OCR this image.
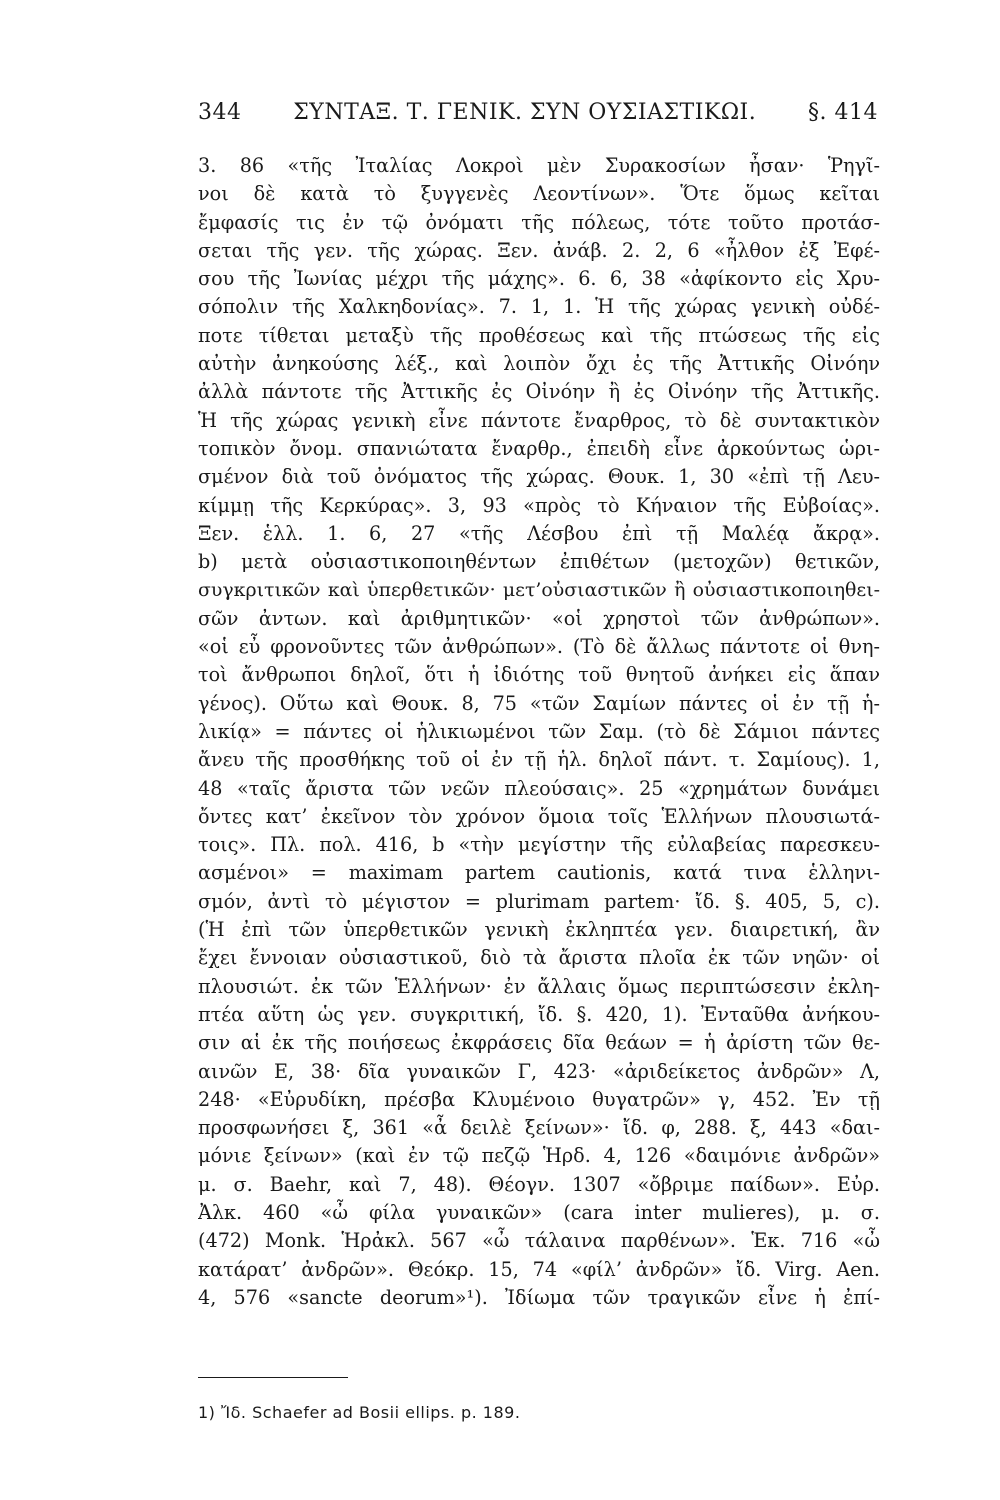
344 ΣΥΝΤΑΞ. Τ. ΓΕΝΙΚ. ΣΥΝ ΟΥΣΙΑΣΤΙΚΩΙ. §. 414
3. 86 «τῆς Ἰταλίας Λοκροὶ μὲν Συρακοσίων ἦσαν· Ῥηγῖ-
νοι δὲ κατὰ τὸ ξυγγενὲς Λεοντίνων». Ὅτε ὅμως κεῖται
ἔμφασίς τις ἐν τῷ ὀνόματι τῆς πόλεως, τότε τοῦτο προτάσ-
σεται τῆς γεν. τῆς χώρας. Ξεν. ἀνάβ. 2. 2, 6 «ἦλθον ἐξ Ἐφέ-
σου τῆς Ἰωνίας μέχρι τῆς μάχης». 6. 6, 38 «ἀφίκοντο εἰς Χρυ-
σόπολιν τῆς Χαλκηδονίας». 7. 1, 1. Ἡ τῆς χώρας γενικὴ οὐδέ-
ποτε τίθεται μεταξὺ τῆς προθέσεως καὶ τῆς πτώσεως τῆς εἰς
αὐτὴν ἀνηκούσης λέξ., καὶ λοιπὸν ὄχι ἐς τῆς Ἀττικῆς Οἰνόην
ἀλλὰ πάντοτε τῆς Ἀττικῆς ἐς Οἰνόην ἢ ἐς Οἰνόην τῆς Ἀττικῆς.
Ἡ τῆς χώρας γενικὴ εἶνε πάντοτε ἔναρθρος, τὸ δὲ συντακτικὸν
τοπικὸν ὄνομ. σπανιώτατα ἔναρθρ., ἐπειδὴ εἶνε ἀρκούντως ὡρι-
σμένον διὰ τοῦ ὀνόματος τῆς χώρας. Θουκ. 1, 30 «ἐπὶ τῇ Λευ-
κίμμῃ τῆς Κερκύρας». 3, 93 «πρὸς τὸ Κήναιον τῆς Εὐβοίας».
Ξεν. ἑλλ. 1. 6, 27 «τῆς Λέσβου ἐπὶ τῇ Μαλέᾳ ἄκρᾳ».
b) μετὰ οὐσιαστικοποιηθέντων ἐπιθέτων (μετοχῶν) θετικῶν,
συγκριτικῶν καὶ ὑπερθετικῶν· μετ’οὐσιαστικῶν ἢ οὐσιαστικοποιηθει-
σῶν ἀντων. καὶ ἀριθμητικῶν· «οἱ χρηστοὶ τῶν ἀνθρώπων».
«οἱ εὖ φρονοῦντες τῶν ἀνθρώπων». (Τὸ δὲ ἄλλως πάντοτε οἱ θνη-
τοὶ ἄνθρωποι δηλοῖ, ὅτι ἡ ἰδιότης τοῦ θνητοῦ ἀνήκει εἰς ἅπαν
γένος). Οὕτω καὶ Θουκ. 8, 75 «τῶν Σαμίων πάντες οἱ ἐν τῇ ἡ-
λικίᾳ» = πάντες οἱ ἡλικιωμένοι τῶν Σαμ. (τὸ δὲ Σάμιοι πάντες
ἄνευ τῆς προσθήκης τοῦ οἱ ἐν τῇ ἡλ. δηλοῖ πάντ. τ. Σαμίους). 1,
48 «ταῖς ἄριστα τῶν νεῶν πλεούσαις». 25 «χρημάτων δυνάμει
ὄντες κατ’ ἐκεῖνον τὸν χρόνον ὅμοια τοῖς Ἑλλήνων πλουσιωτά-
τοις». Πλ. πολ. 416, b «τὴν μεγίστην τῆς εὐλαβείας παρεσκευ-
ασμένοι» = maximam partem cautionis, κατά τινα ἑλληνι-
σμόν, ἀντὶ τὸ μέγιστον = plurimam partem· ἴδ. §. 405, 5, c).
(Ἡ ἐπὶ τῶν ὑπερθετικῶν γενικὴ ἐκληπτέα γεν. διαιρετική, ἂν
ἔχει ἔννοιαν οὐσιαστικοῦ, διὸ τὰ ἄριστα πλοῖα ἐκ τῶν νηῶν· οἱ
πλουσιώτ. ἐκ τῶν Ἑλλήνων· ἐν ἄλλαις ὅμως περιπτώσεσιν ἐκλη-
πτέα αὕτη ὡς γεν. συγκριτική, ἴδ. §. 420, 1). Ἐνταῦθα ἀνήκου-
σιν αἱ ἐκ τῆς ποιήσεως ἐκφράσεις δῖα θεάων = ἡ ἀρίστη τῶν θε-
αινῶν Ε, 38· δῖα γυναικῶν Γ, 423· «ἀριδείκετος ἀνδρῶν» Λ,
248· «Εὐρυδίκη, πρέσβα Κλυμένοιο θυγατρῶν» γ, 452. Ἐν τῇ
προσφωνήσει ξ, 361 «ἆ δειλὲ ξείνων»· ἴδ. φ, 288. ξ, 443 «δαι-
μόνιε ξείνων» (καὶ ἐν τῷ πεζῷ Ἡρδ. 4, 126 «δαιμόνιε ἀνδρῶν»
μ. σ. Baehr, καὶ 7, 48). Θέογν. 1307 «ὄβριμε παίδων». Εὐρ.
Ἀλκ. 460 «ὦ φίλα γυναικῶν» (cara inter mulieres), μ. σ.
(472) Monk. Ἡρἀκλ. 567 «ὦ τάλαινα παρθένων». Ἑκ. 716 «ὦ
κατάρατ’ ἀνδρῶν». Θεόκρ. 15, 74 «φίλ’ ἀνδρῶν» ἴδ. Virg. Aen.
4, 576 «sancte deorum»¹). Ἰδίωμα τῶν τραγικῶν εἶνε ἡ ἐπί-
1) Ἴδ. Schaefer ad Bosii ellips. p. 189.
